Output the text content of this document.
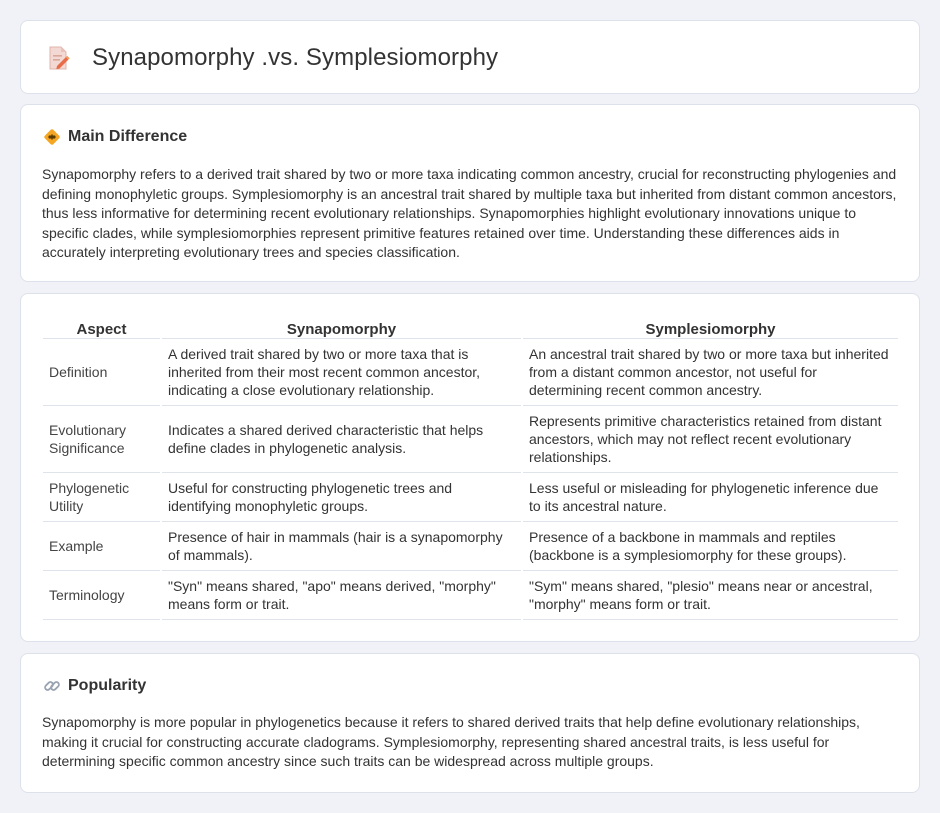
Synapomorphy .vs. Symplesiomorphy
Main Difference

Synapomorphy refers to a derived trait shared by two or more taxa indicating common ancestry, crucial for reconstructing phylogenies and defining monophyletic groups. Symplesiomorphy is an ancestral trait shared by multiple taxa but inherited from distant common ancestors, thus less informative for determining recent evolutionary relationships. Synapomorphies highlight evolutionary innovations unique to specific clades, while symplesiomorphies represent primitive features retained over time. Understanding these differences aids in accurately interpreting evolutionary trees and species classification.

Aspect	Synapomorphy	Symplesiomorphy
Definition	A derived trait shared by two or more taxa that is inherited from their most recent common ancestor, indicating a close evolutionary relationship.	An ancestral trait shared by two or more taxa but inherited from a distant common ancestor, not useful for determining recent common ancestry.
Evolutionary Significance	Indicates a shared derived characteristic that helps define clades in phylogenetic analysis.	Represents primitive characteristics retained from distant ancestors, which may not reflect recent evolutionary relationships.
Phylogenetic Utility	Useful for constructing phylogenetic trees and identifying monophyletic groups.	Less useful or misleading for phylogenetic inference due to its ancestral nature.
Example	Presence of hair in mammals (hair is a synapomorphy of mammals).	Presence of a backbone in mammals and reptiles (backbone is a symplesiomorphy for these groups).
Terminology	"Syn" means shared, "apo" means derived, "morphy" means form or trait.	"Sym" means shared, "plesio" means near or ancestral, "morphy" means form or trait.
Popularity

Synapomorphy is more popular in phylogenetics because it refers to shared derived traits that help define evolutionary relationships, making it crucial for constructing accurate cladograms. Symplesiomorphy, representing shared ancestral traits, is less useful for determining specific common ancestry since such traits can be widespread across multiple groups.
